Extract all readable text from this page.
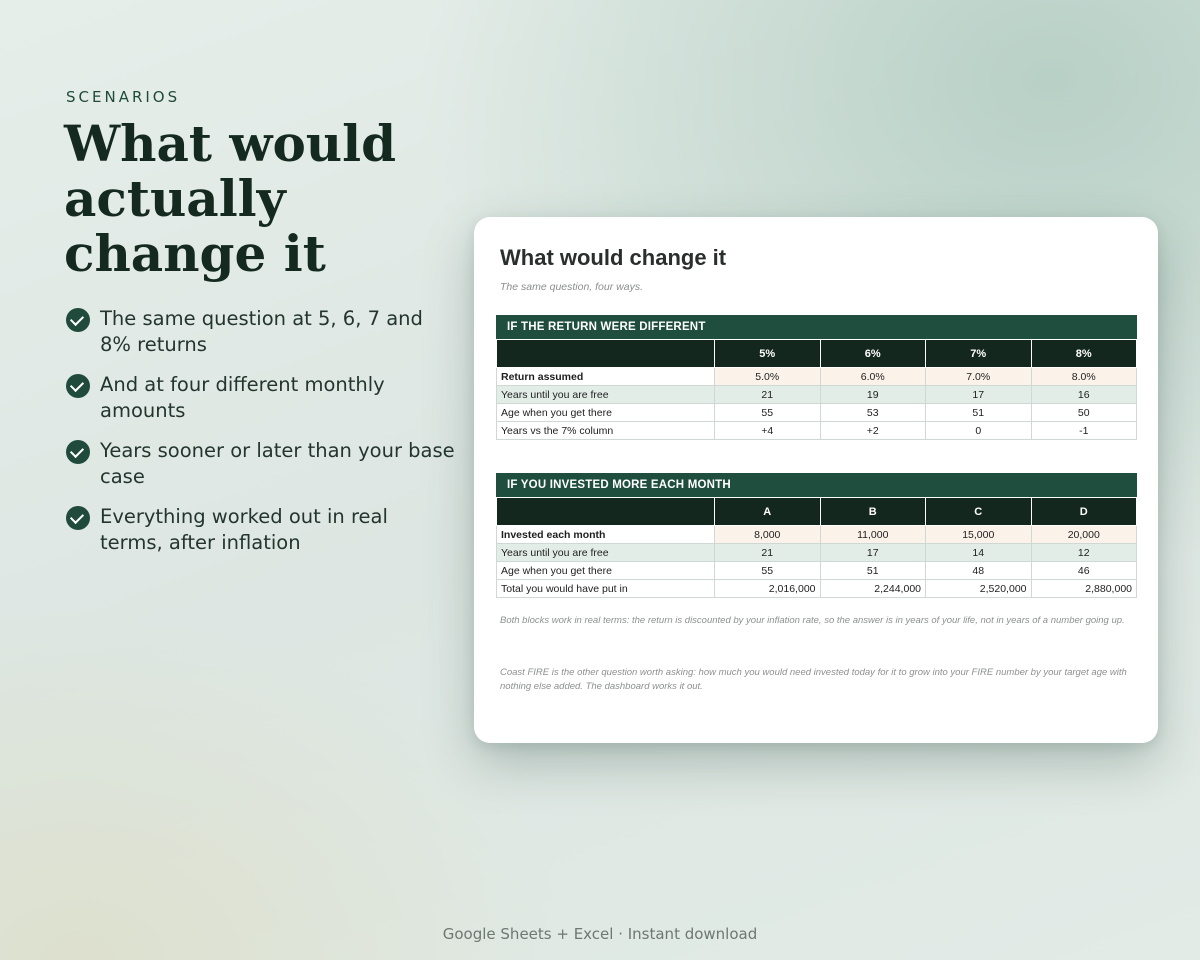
SCENARIOS
What would actually change it
The same question at 5, 6, 7 and 8% returns
And at four different monthly amounts
Years sooner or later than your base case
Everything worked out in real terms, after inflation
What would change it
The same question, four ways.
IF THE RETURN WERE DIFFERENT
	5%	6%	7%	8%
Return assumed	5.0%	6.0%	7.0%	8.0%
Years until you are free	21	19	17	16
Age when you get there	55	53	51	50
Years vs the 7% column	+4	+2	0	-1
IF YOU INVESTED MORE EACH MONTH
	A	B	C	D
Invested each month	8,000	11,000	15,000	20,000
Years until you are free	21	17	14	12
Age when you get there	55	51	48	46
Total you would have put in	2,016,000	2,244,000	2,520,000	2,880,000
Both blocks work in real terms: the return is discounted by your inflation rate, so the answer is in years of your life, not in years of a number going up.
Coast FIRE is the other question worth asking: how much you would need invested today for it to grow into your FIRE number by your target age with nothing else added. The dashboard works it out.
Google Sheets + Excel · Instant download
